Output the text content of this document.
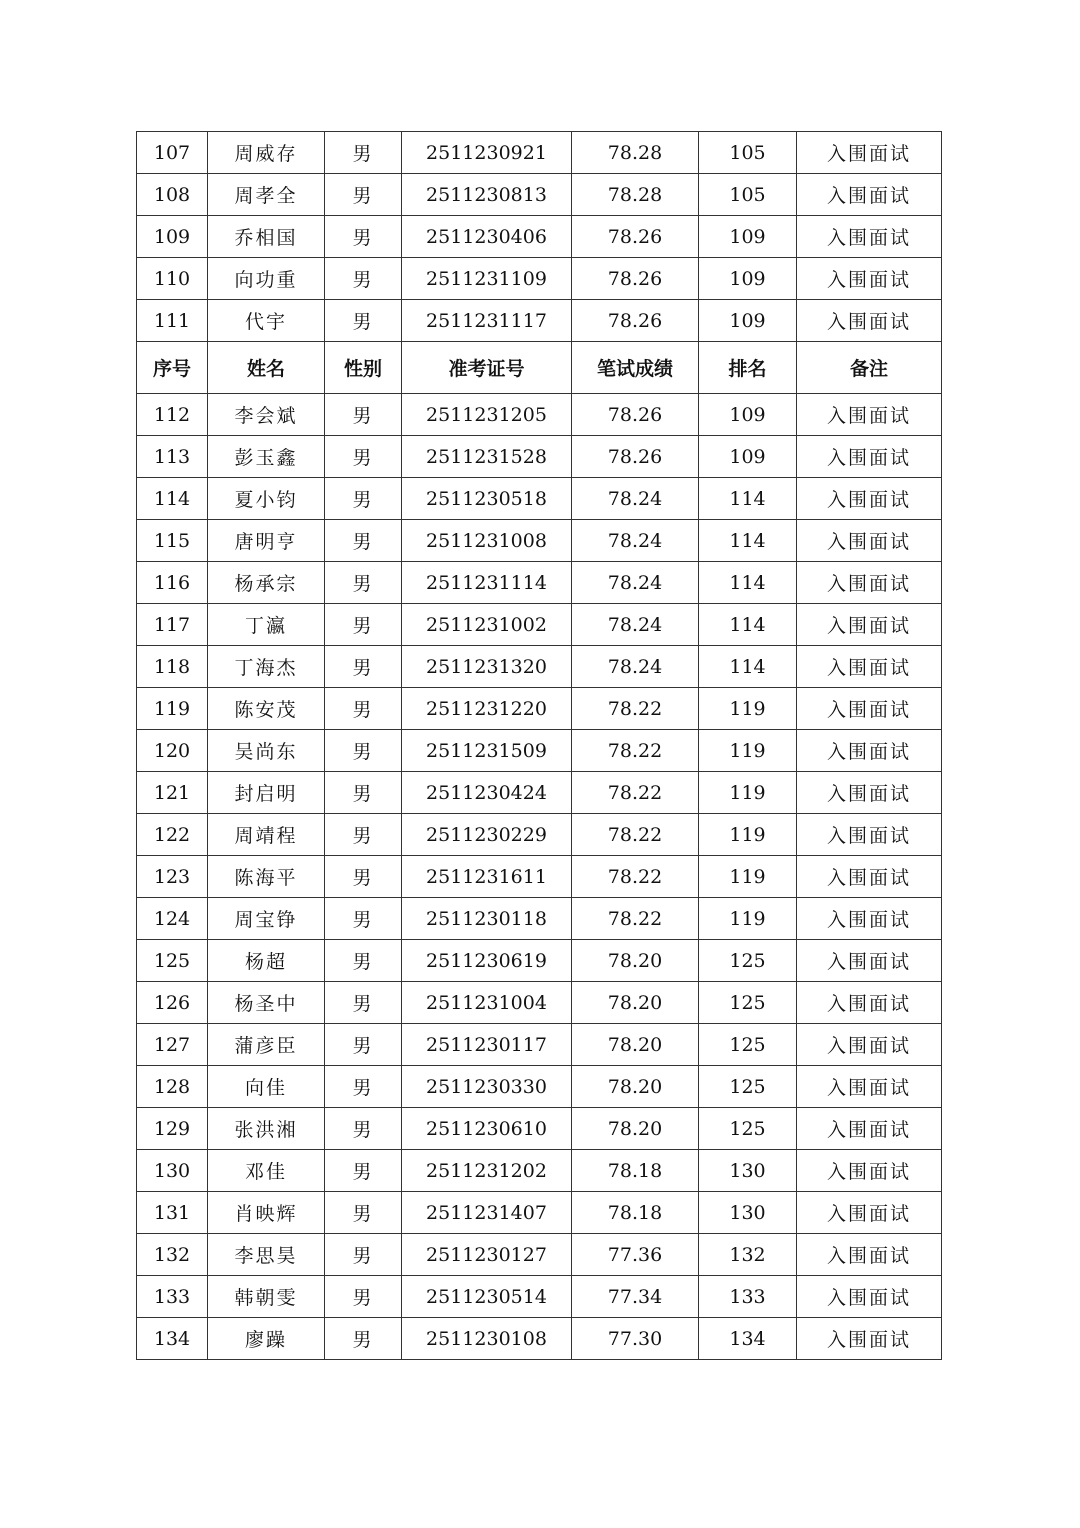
107	周威存	男	2511230921	78.28	105	入围面试
108	周孝全	男	2511230813	78.28	105	入围面试
109	乔相国	男	2511230406	78.26	109	入围面试
110	向功重	男	2511231109	78.26	109	入围面试
111	代宇	男	2511231117	78.26	109	入围面试
序号	姓名	性别	准考证号	笔试成绩	排名	备注
112	李会斌	男	2511231205	78.26	109	入围面试
113	彭玉鑫	男	2511231528	78.26	109	入围面试
114	夏小钧	男	2511230518	78.24	114	入围面试
115	唐明亨	男	2511231008	78.24	114	入围面试
116	杨承宗	男	2511231114	78.24	114	入围面试
117	丁瀛	男	2511231002	78.24	114	入围面试
118	丁海杰	男	2511231320	78.24	114	入围面试
119	陈安茂	男	2511231220	78.22	119	入围面试
120	吴尚东	男	2511231509	78.22	119	入围面试
121	封启明	男	2511230424	78.22	119	入围面试
122	周靖程	男	2511230229	78.22	119	入围面试
123	陈海平	男	2511231611	78.22	119	入围面试
124	周宝铮	男	2511230118	78.22	119	入围面试
125	杨超	男	2511230619	78.20	125	入围面试
126	杨圣中	男	2511231004	78.20	125	入围面试
127	蒲彦臣	男	2511230117	78.20	125	入围面试
128	向佳	男	2511230330	78.20	125	入围面试
129	张洪湘	男	2511230610	78.20	125	入围面试
130	邓佳	男	2511231202	78.18	130	入围面试
131	肖映辉	男	2511231407	78.18	130	入围面试
132	李思昊	男	2511230127	77.36	132	入围面试
133	韩朝雯	男	2511230514	77.34	133	入围面试
134	廖躁	男	2511230108	77.30	134	入围面试
